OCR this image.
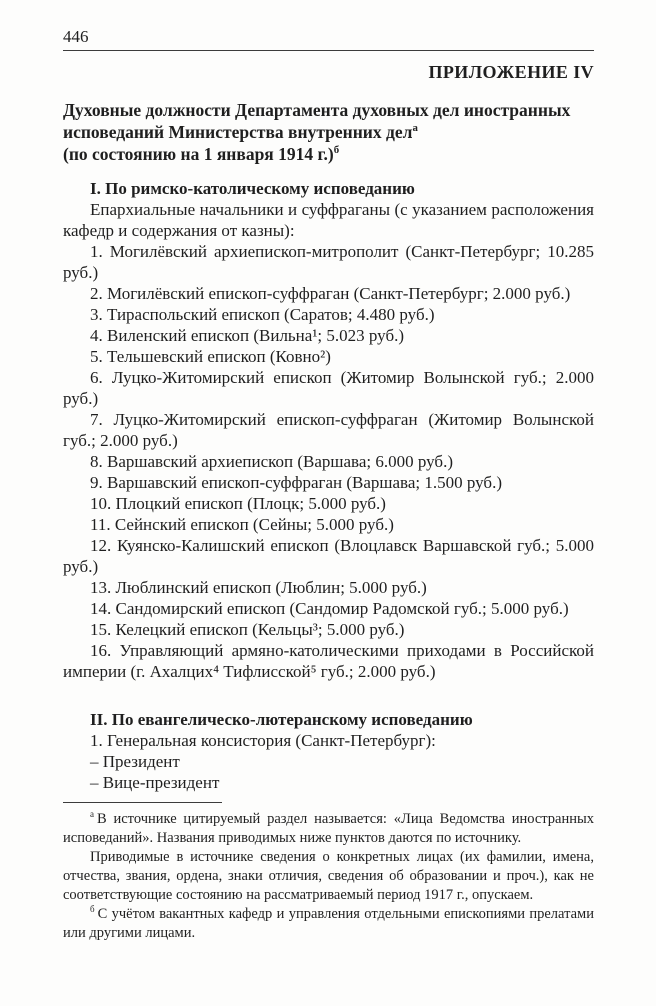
446
ПРИЛОЖЕНИЕ IV

Духовные должности Департамента духовных дел иностранных исповеданий Министерства внутренних дел$^а$

(по состоянию на 1 января 1914 г.)$^б$

I. По римско-католическому исповеданию

Епархиальные начальники и суффраганы (с указанием расположения кафедр и содержания от казны):

1. Могилёвский архиепископ-митрополит (Санкт-Петербург; 10.285 руб.)

2. Могилёвский епископ-суффраган (Санкт-Петербург; 2.000 руб.)

3. Тираспольский епископ (Саратов; 4.480 руб.)

4. Виленский епископ (Вильна¹; 5.023 руб.)

5. Тельшевский епископ (Ковно²)

6. Луцко-Житомирский епископ (Житомир Волынской губ.; 2.000 руб.)

7. Луцко-Житомирский епископ-суффраган (Житомир Волынской губ.; 2.000 руб.)

8. Варшавский архиепископ (Варшава; 6.000 руб.)

9. Варшавский епископ-суффраган (Варшава; 1.500 руб.)

10. Плоцкий епископ (Плоцк; 5.000 руб.)

11. Сейнский епископ (Сейны; 5.000 руб.)

12. Куянско-Калишский епископ (Влоцлавск Варшавской губ.; 5.000 руб.)

13. Люблинский епископ (Люблин; 5.000 руб.)

14. Сандомирский епископ (Сандомир Радомской губ.; 5.000 руб.)

15. Келецкий епископ (Кельцы³; 5.000 руб.)

16. Управляющий армяно-католическими приходами в Российской империи (г. Ахалцих⁴ Тифлисской⁵ губ.; 2.000 руб.)

II. По евангелическо-лютеранскому исповеданию

1. Генеральная консистория (Санкт-Петербург):

– Президент

– Вице-президент

$^а$ В источнике цитируемый раздел называется: «Лица Ведомства иностранных исповеданий». Названия приводимых ниже пунктов даются по источнику.

Приводимые в источнике сведения о конкретных лицах (их фамилии, имена, отчества, звания, ордена, знаки отличия, сведения об образовании и проч.), как не соответствующие состоянию на рассматриваемый период 1917 г., опускаем.

$^б$ С учётом вакантных кафедр и управления отдельными епископиями прелатами или другими лицами.
